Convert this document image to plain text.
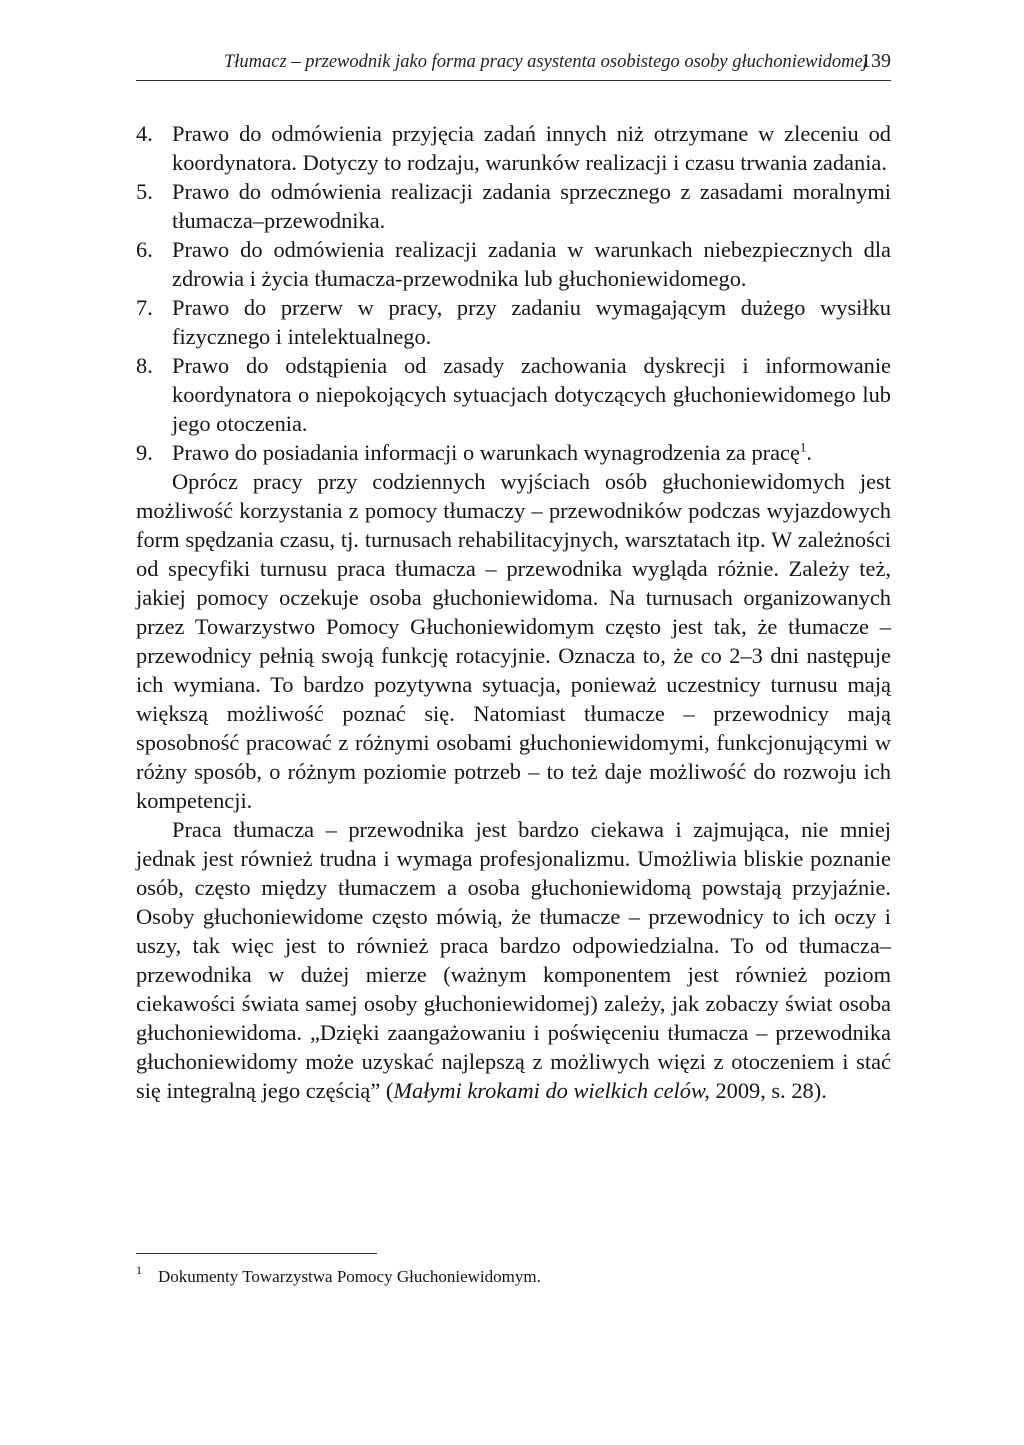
Tłumacz – przewodnik jako forma pracy asystenta osobistego osoby głuchoniewidomej
139
4. Prawo do odmówienia przyjęcia zadań innych niż otrzymane w zleceniu od koordynatora. Dotyczy to rodzaju, warunków realizacji i czasu trwania zadania.
5. Prawo do odmówienia realizacji zadania sprzecznego z zasadami moralnymi tłumacza–przewodnika.
6. Prawo do odmówienia realizacji zadania w warunkach niebezpiecznych dla zdrowia i życia tłumacza-przewodnika lub głuchoniewidomego.
7. Prawo do przerw w pracy, przy zadaniu wymagającym dużego wysiłku fizycznego i intelektualnego.
8. Prawo do odstąpienia od zasady zachowania dyskrecji i informowanie koordynatora o niepokojących sytuacjach dotyczących głuchoniewidomego lub jego otoczenia.
9. Prawo do posiadania informacji o warunkach wynagrodzenia za pracę$^1$.

Oprócz pracy przy codziennych wyjściach osób głuchoniewidomych jest możliwość korzystania z pomocy tłumaczy – przewodników podczas wyjazdowych form spędzania czasu, tj. turnusach rehabilitacyjnych, warsztatach itp. W zależności od specyfiki turnusu praca tłumacza – przewodnika wygląda różnie. Zależy też, jakiej pomocy oczekuje osoba głuchoniewidoma. Na turnusach organizowanych przez Towarzystwo Pomocy Głuchoniewidomym często jest tak, że tłumacze – przewodnicy pełnią swoją funkcję rotacyjnie. Oznacza to, że co 2–3 dni następuje ich wymiana. To bardzo pozytywna sytuacja, ponieważ uczestnicy turnusu mają większą możliwość poznać się. Natomiast tłumacze – przewodnicy mają sposobność pracować z różnymi osobami głuchoniewidomymi, funkcjonującymi w różny sposób, o różnym poziomie potrzeb – to też daje możliwość do rozwoju ich kompetencji.

Praca tłumacza – przewodnika jest bardzo ciekawa i zajmująca, nie mniej jednak jest również trudna i wymaga profesjonalizmu. Umożliwia bliskie poznanie osób, często między tłumaczem a osoba głuchoniewidomą powstają przyjaźnie. Osoby głuchoniewidome często mówią, że tłumacze – przewodnicy to ich oczy i uszy, tak więc jest to również praca bardzo odpowiedzialna. To od tłumacza–przewodnika w dużej mierze (ważnym komponentem jest również poziom ciekawości świata samej osoby głuchoniewidomej) zależy, jak zobaczy świat osoba głuchoniewidoma. „Dzięki zaangażowaniu i poświęceniu tłumacza – przewodnika głuchoniewidomy może uzyskać najlepszą z możliwych więzi z otoczeniem i stać się integralną jego częścią” (Małymi krokami do wielkich celów, 2009, s. 28).

1 Dokumenty Towarzystwa Pomocy Głuchoniewidomym.
